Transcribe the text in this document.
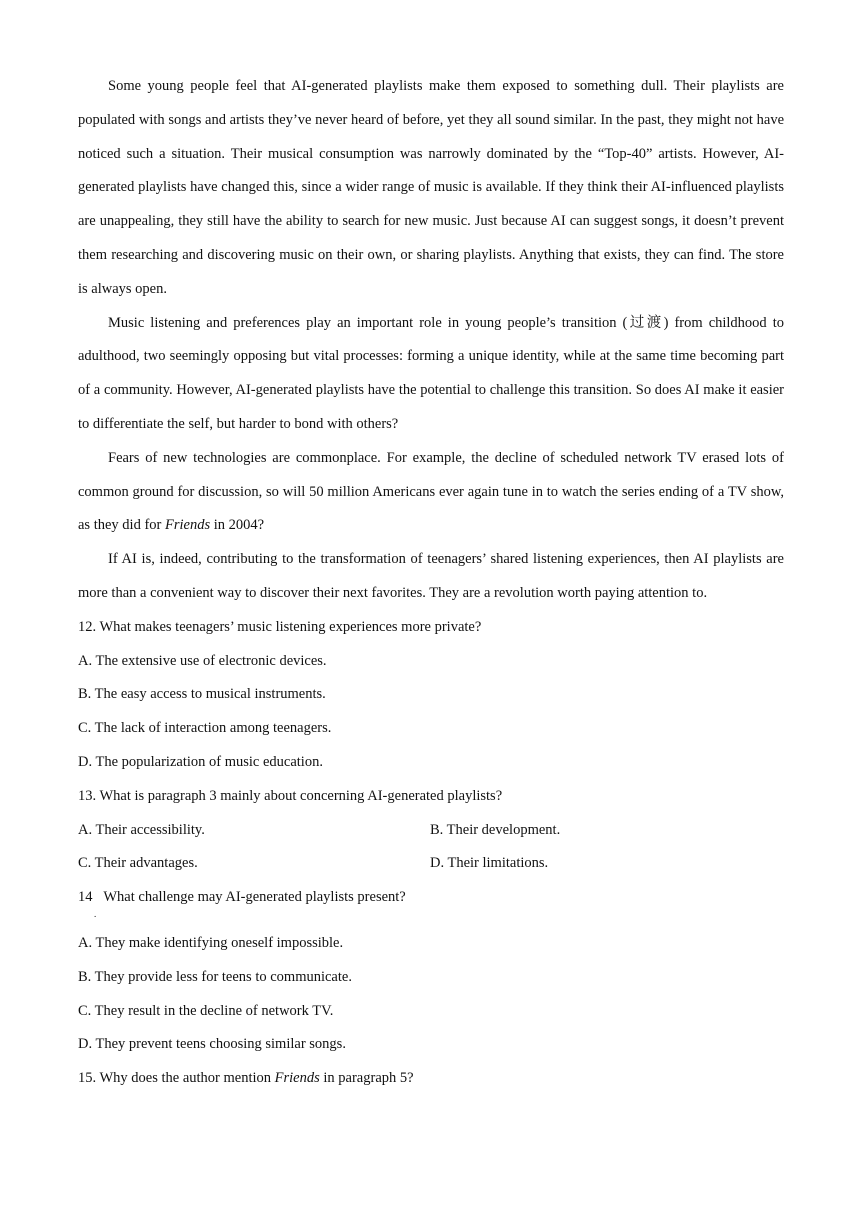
Some young people feel that AI-generated playlists make them exposed to something dull. Their playlists are populated with songs and artists they’ve never heard of before, yet they all sound similar. In the past, they might not have noticed such a situation. Their musical consumption was narrowly dominated by the “Top-40” artists. However, AI-generated playlists have changed this, since a wider range of music is available. If they think their AI-influenced playlists are unappealing, they still have the ability to search for new music. Just because AI can suggest songs, it doesn’t prevent them researching and discovering music on their own, or sharing playlists. Anything that exists, they can find. The store is always open.

Music listening and preferences play an important role in young people’s transition (过渡) from childhood to adulthood, two seemingly opposing but vital processes: forming a unique identity, while at the same time becoming part of a community. However, AI-generated playlists have the potential to challenge this transition. So does AI make it easier to differentiate the self, but harder to bond with others?

Fears of new technologies are commonplace. For example, the decline of scheduled network TV erased lots of common ground for discussion, so will 50 million Americans ever again tune in to watch the series ending of a TV show, as they did for Friends in 2004?

If AI is, indeed, contributing to the transformation of teenagers’ shared listening experiences, then AI playlists are more than a convenient way to discover their next favorites. They are a revolution worth paying attention to.

12. What makes teenagers’ music listening experiences more private?
A. The extensive use of electronic devices.
B. The easy access to musical instruments.
C. The lack of interaction among teenagers.
D. The popularization of music education.
13. What is paragraph 3 mainly about concerning AI-generated playlists?
A. Their accessibility.	B. Their development.
C. Their advantages.	D. Their limitations.
14
.
What challenge may AI-generated playlists present?
A. They make identifying oneself impossible.
B. They provide less for teens to communicate.
C. They result in the decline of network TV.
D. They prevent teens choosing similar songs.
15. Why does the author mention Friends in paragraph 5?
